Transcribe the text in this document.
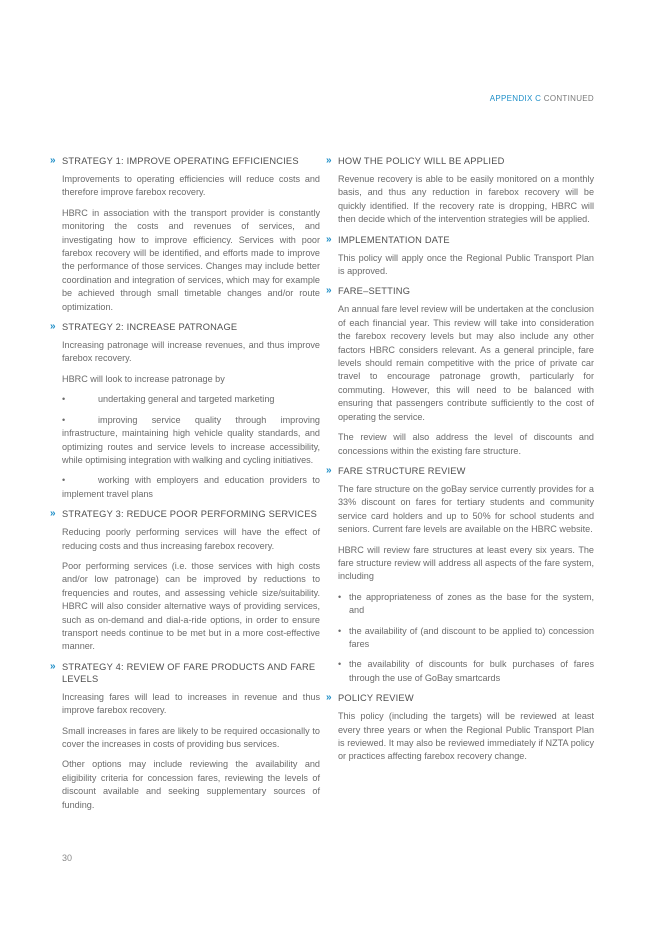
APPENDIX C CONTINUED
» STRATEGY 1: IMPROVE OPERATING EFFICIENCIES

Improvements to operating efficiencies will reduce costs and therefore improve farebox recovery.

HBRC in association with the transport provider is constantly monitoring the costs and revenues of services, and investigating how to improve efficiency. Services with poor farebox recovery will be identified, and efforts made to improve the performance of those services. Changes may include better coordination and integration of services, which may for example be achieved through small timetable changes and/or route optimization.

» STRATEGY 2: INCREASE PATRONAGE

Increasing patronage will increase revenues, and thus improve farebox recovery.

HBRC will look to increase patronage by

•	undertaking general and targeted marketing
•	improving service quality through improving infrastructure, maintaining high vehicle quality standards, and optimizing routes and service levels to increase accessibility, while optimising integration with walking and cycling initiatives.
•	working with employers and education providers to implement travel plans
» STRATEGY 3: REDUCE POOR PERFORMING SERVICES

Reducing poorly performing services will have the effect of reducing costs and thus increasing farebox recovery.

Poor performing services (i.e. those services with high costs and/or low patronage) can be improved by reductions to frequencies and routes, and assessing vehicle size/suitability. HBRC will also consider alternative ways of providing services, such as on-demand and dial-a-ride options, in order to ensure transport needs continue to be met but in a more cost-effective manner.

» STRATEGY 4: REVIEW OF FARE PRODUCTS AND FARE LEVELS

Increasing fares will lead to increases in revenue and thus improve farebox recovery.

Small increases in fares are likely to be required occasionally to cover the increases in costs of providing bus services.

Other options may include reviewing the availability and eligibility criteria for concession fares, reviewing the levels of discount available and seeking supplementary sources of funding.

» HOW THE POLICY WILL BE APPLIED

Revenue recovery is able to be easily monitored on a monthly basis, and thus any reduction in farebox recovery will be quickly identified. If the recovery rate is dropping, HBRC will then decide which of the intervention strategies will be applied.

» IMPLEMENTATION DATE

This policy will apply once the Regional Public Transport Plan is approved.

» FARE–SETTING

An annual fare level review will be undertaken at the conclusion of each financial year. This review will take into consideration the farebox recovery levels but may also include any other factors HBRC considers relevant. As a general principle, fare levels should remain competitive with the price of private car travel to encourage patronage growth, particularly for commuting. However, this will need to be balanced with ensuring that passengers contribute sufficiently to the cost of operating the service.

The review will also address the level of discounts and concessions within the existing fare structure.

» FARE STRUCTURE REVIEW

The fare structure on the goBay service currently provides for a 33% discount on fares for tertiary students and community service card holders and up to 50% for school students and seniors. Current fare levels are available on the HBRC website.

HBRC will review fare structures at least every six years. The fare structure review will address all aspects of the fare system, including

• the appropriateness of zones as the base for the system, and
• the availability of (and discount to be applied to) concession fares
• the availability of discounts for bulk purchases of fares through the use of GoBay smartcards
» POLICY REVIEW

This policy (including the targets) will be reviewed at least every three years or when the Regional Public Transport Plan is reviewed. It may also be reviewed immediately if NZTA policy or practices affecting farebox recovery change.

30
